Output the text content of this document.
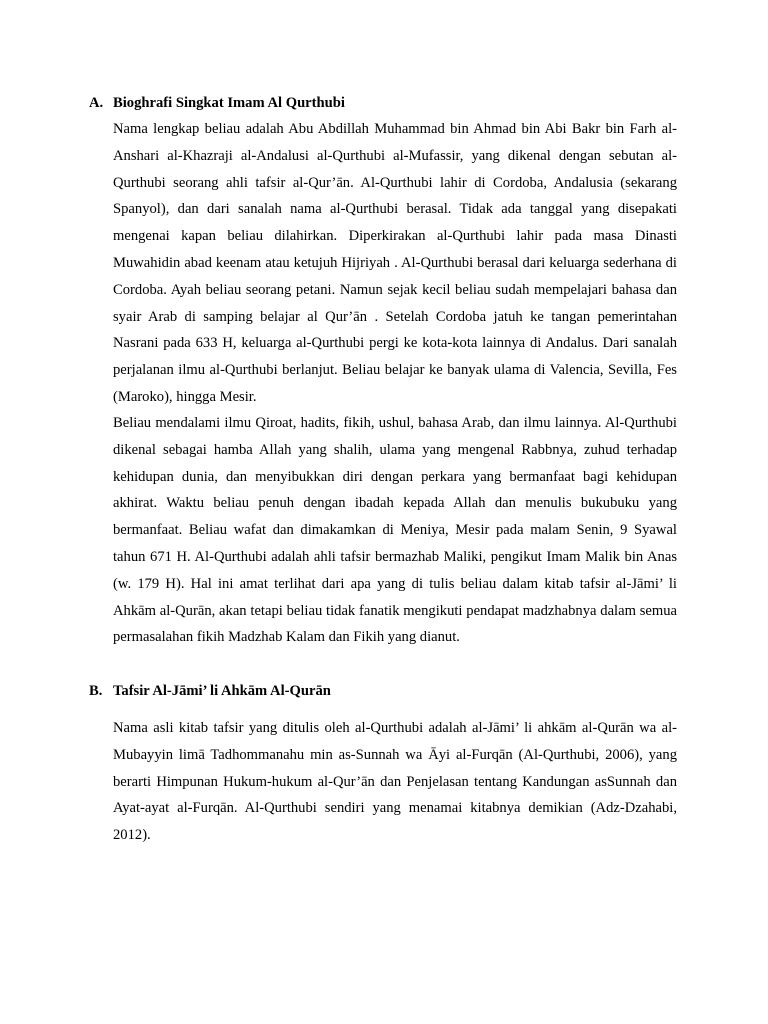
A. Bioghrafi Singkat Imam Al Qurthubi

Nama lengkap beliau adalah Abu Abdillah Muhammad bin Ahmad bin Abi Bakr bin Farh al-Anshari al-Khazraji al-Andalusi al-Qurthubi al-Mufassir, yang dikenal dengan sebutan al-Qurthubi seorang ahli tafsir al-Qur’ān. Al-Qurthubi lahir di Cordoba, Andalusia (sekarang Spanyol), dan dari sanalah nama al-Qurthubi berasal. Tidak ada tanggal yang disepakati mengenai kapan beliau dilahirkan. Diperkirakan al-Qurthubi lahir pada masa Dinasti Muwahidin abad keenam atau ketujuh Hijriyah . Al-Qurthubi berasal dari keluarga sederhana di Cordoba. Ayah beliau seorang petani. Namun sejak kecil beliau sudah mempelajari bahasa dan syair Arab di samping belajar al Qur’ān . Setelah Cordoba jatuh ke tangan pemerintahan Nasrani pada 633 H, keluarga al-Qurthubi pergi ke kota-kota lainnya di Andalus. Dari sanalah perjalanan ilmu al-Qurthubi berlanjut. Beliau belajar ke banyak ulama di Valencia, Sevilla, Fes (Maroko), hingga Mesir.

Beliau mendalami ilmu Qiroat, hadits, fikih, ushul, bahasa Arab, dan ilmu lainnya. Al-Qurthubi dikenal sebagai hamba Allah yang shalih, ulama yang mengenal Rabbnya, zuhud terhadap kehidupan dunia, dan menyibukkan diri dengan perkara yang bermanfaat bagi kehidupan akhirat. Waktu beliau penuh dengan ibadah kepada Allah dan menulis bukubuku yang bermanfaat. Beliau wafat dan dimakamkan di Meniya, Mesir pada malam Senin, 9 Syawal tahun 671 H. Al-Qurthubi adalah ahli tafsir bermazhab Maliki, pengikut Imam Malik bin Anas (w. 179 H). Hal ini amat terlihat dari apa yang di tulis beliau dalam kitab tafsir al-Jāmi’ li Ahkām al-Qurān, akan tetapi beliau tidak fanatik mengikuti pendapat madzhabnya dalam semua permasalahan fikih Madzhab Kalam dan Fikih yang dianut.

B. Tafsir Al-Jāmi’ li Ahkām Al-Qurān

Nama asli kitab tafsir yang ditulis oleh al-Qurthubi adalah al-Jāmi’ li ahkām al-Qurān wa al-Mubayyin limā Tadhommanahu min as-Sunnah wa Āyi al-Furqān (Al-Qurthubi, 2006), yang berarti Himpunan Hukum-hukum al-Qur’ān dan Penjelasan tentang Kandungan asSunnah dan Ayat-ayat al-Furqān. Al-Qurthubi sendiri yang menamai kitabnya demikian (Adz-Dzahabi, 2012).
